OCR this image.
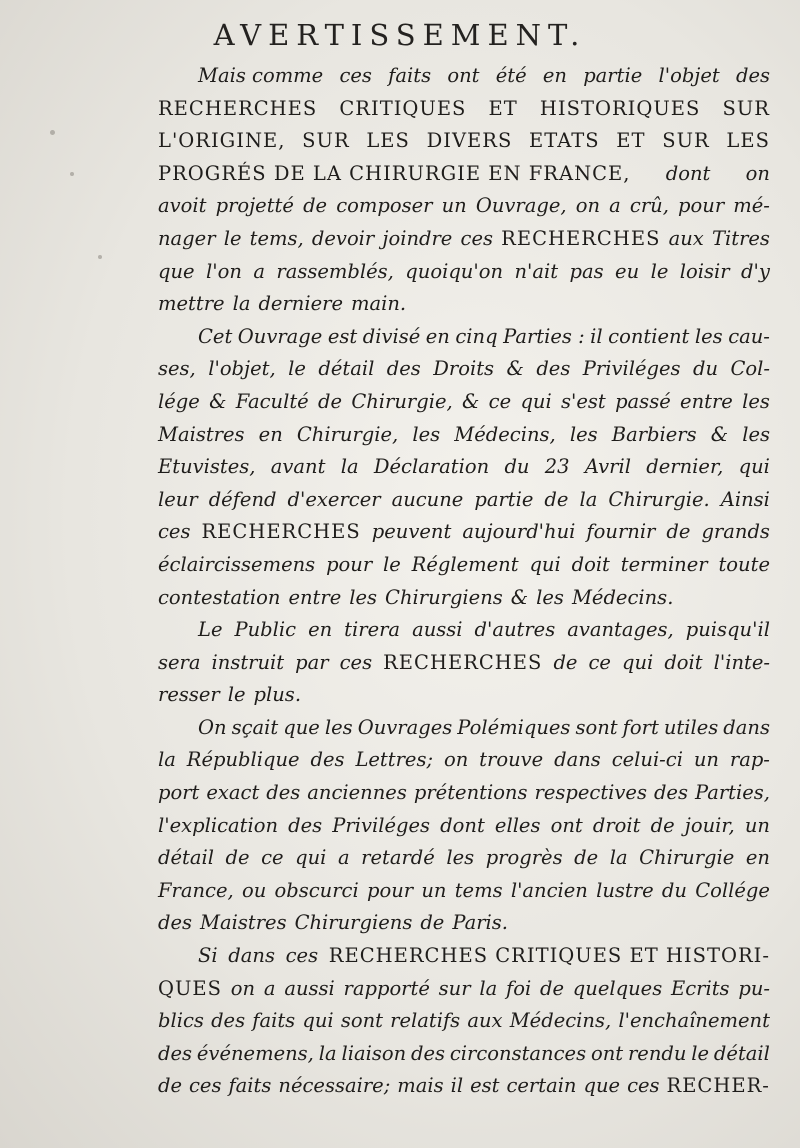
AVERTISSEMENT.
Mais comme ces faits ont été en partie l'objet des
RECHERCHES CRITIQUES ET HISTORIQUES SUR
L'ORIGINE, SUR LES DIVERS ETATS ET SUR LES
PROGRÉS DE LA CHIRURGIE EN FRANCE, dont on
avoit projetté de composer un Ouvrage, on a crû, pour mé-
nager le tems, devoir joindre ces RECHERCHES aux Titres
que l'on a rassemblés, quoiqu'on n'ait pas eu le loisir d'y
mettre la derniere main.
Cet Ouvrage est divisé en cinq Parties : il contient les cau-
ses, l'objet, le détail des Droits & des Priviléges du Col-
lége & Faculté de Chirurgie, & ce qui s'est passé entre les
Maistres en Chirurgie, les Médecins, les Barbiers & les
Etuvistes, avant la Déclaration du 23 Avril dernier, qui
leur défend d'exercer aucune partie de la Chirurgie. Ainsi
ces RECHERCHES peuvent aujourd'hui fournir de grands
éclaircissemens pour le Réglement qui doit terminer toute
contestation entre les Chirurgiens & les Médecins.
Le Public en tirera aussi d'autres avantages, puisqu'il
sera instruit par ces RECHERCHES de ce qui doit l'inte-
resser le plus.
On sçait que les Ouvrages Polémiques sont fort utiles dans
la République des Lettres; on trouve dans celui-ci un rap-
port exact des anciennes prétentions respectives des Parties,
l'explication des Priviléges dont elles ont droit de jouir, un
détail de ce qui a retardé les progrès de la Chirurgie en
France, ou obscurci pour un tems l'ancien lustre du Collége
des Maistres Chirurgiens de Paris.
Si dans ces RECHERCHES CRITIQUES ET HISTORI-
QUES on a aussi rapporté sur la foi de quelques Ecrits pu-
blics des faits qui sont relatifs aux Médecins, l'enchaînement
des événemens, la liaison des circonstances ont rendu le détail
de ces faits nécessaire; mais il est certain que ces RECHER-
